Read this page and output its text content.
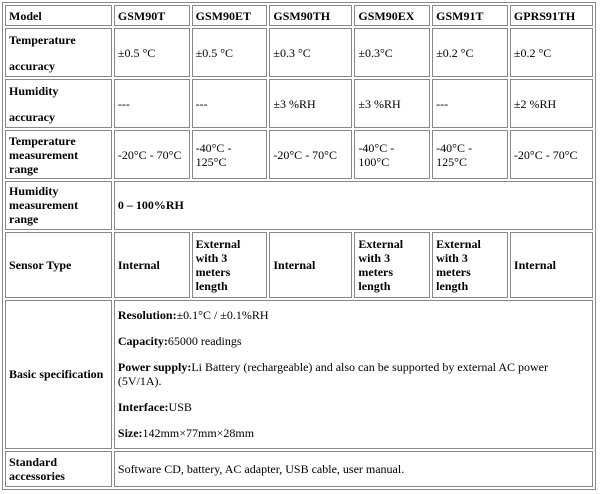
Model	GSM90T	GSM90ET	GSM90TH	GSM90EX	GSM91T	GPRS91TH
Temperature
accuracy	±0.5 °C	±0.5 °C	±0.3 °C	±0.3°C	±0.2 °C	±0.2 °C
Humidity
accuracy	---	---	±3 %RH	±3 %RH	---	±2 %RH
Temperature measurement range	-20°C - 70°C	-40°C - 125°C	-20°C - 70°C	-40°C - 100°C	-40°C - 125°C	-20°C - 70°C
Humidity measurement range	0 – 100%RH					
Sensor Type	Internal	External with 3 meters length	Internal	External with 3 meters length	External with 3 meters length	Internal
Basic specification	Resolution:±0.1°C / ±0.1%RH

Capacity:65000 readings

Power supply:Li Battery (rechargeable) and also can be supported by external AC power (5V/1A).

Interface:USB

Size:142mm×77mm×28mm					

Standard accessories	Software CD, battery, AC adapter, USB cable, user manual.					
